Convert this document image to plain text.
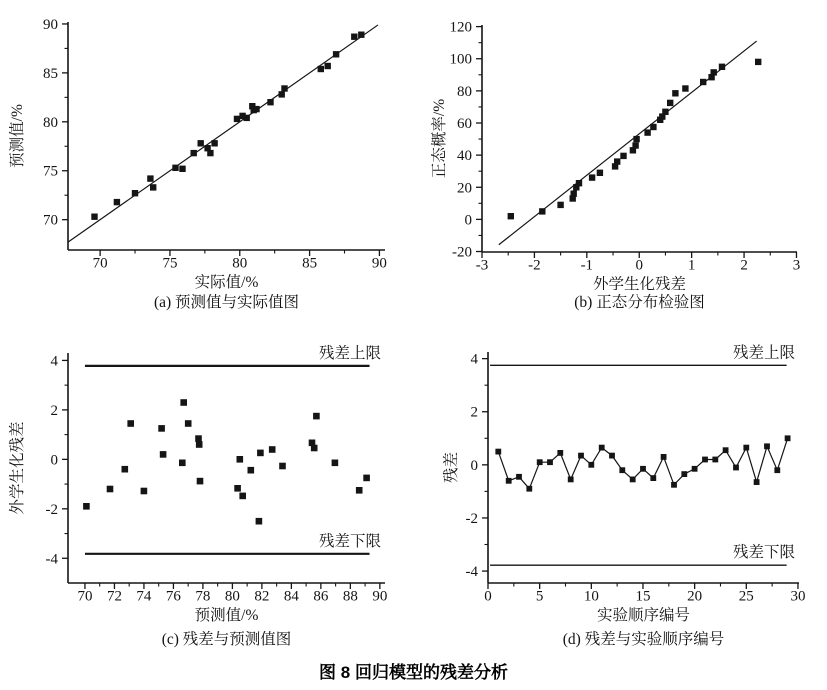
70	75	80	85	90
70
75
80
85
90
实际值/%
预测值/%
(a) 预测值与实际值图
-3	-2	-1	0	1	2	3
-20
0
20
40
60
80
100
120
外学生化残差
正态概率/%
(b) 正态分布检验图
残差上限
残差下限
70 72 74 76 78 80 82 84 86 88 90
-4
-2
0
2
4
预测值/%
外学生化残差
(c) 残差与预测值图
残差上限
残差下限
0	5	10 15 20 25 30
-4
-2
0
2
4
实验顺序编号
残差
(d) 残差与实验顺序编号
图 8 回归模型的残差分析
